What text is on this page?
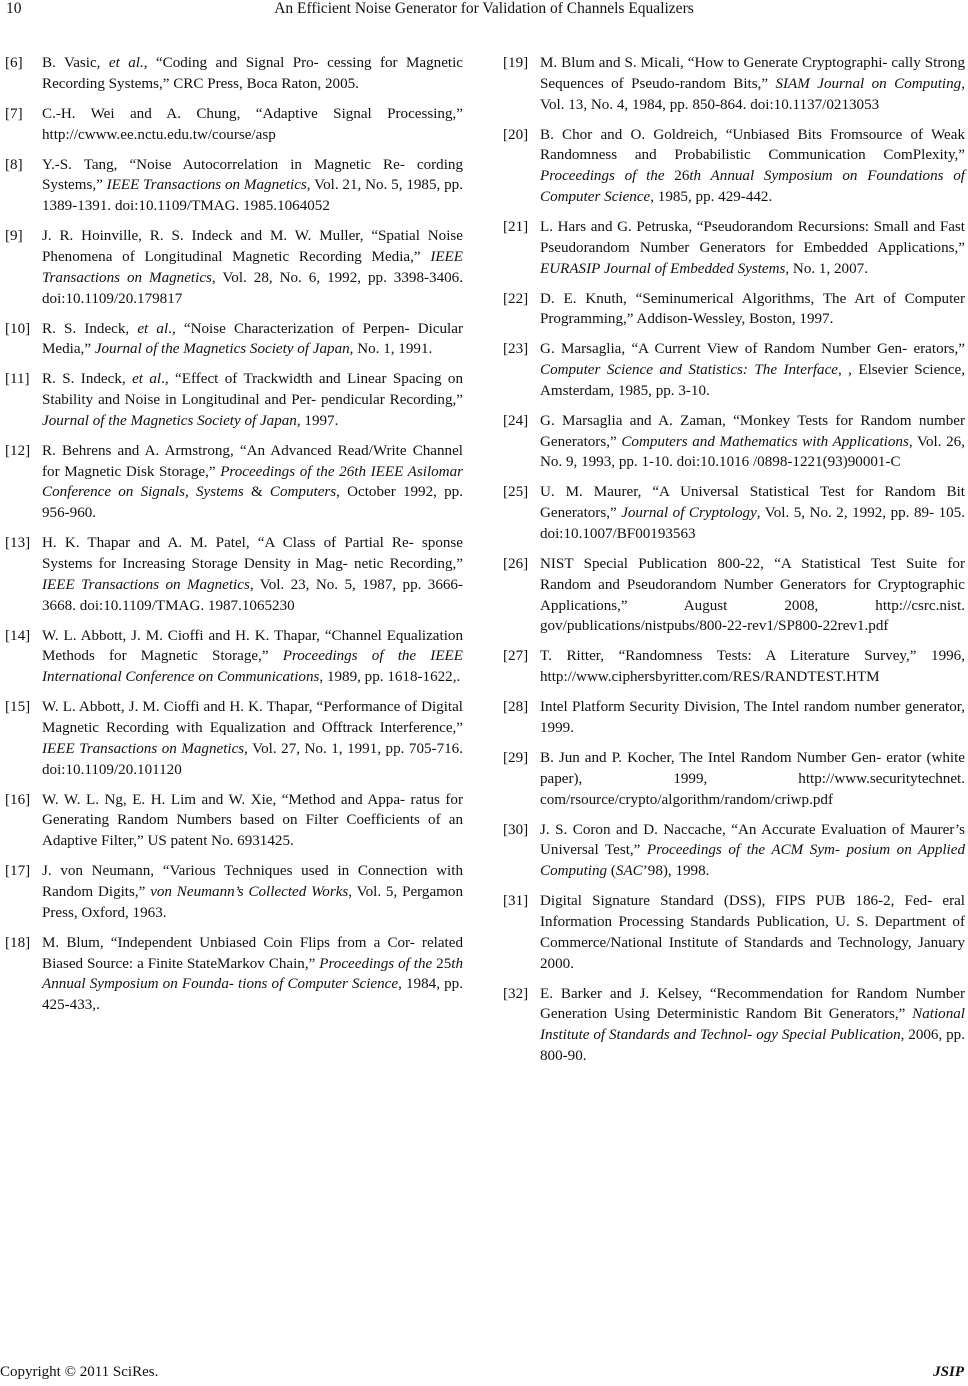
10	An Efficient Noise Generator for Validation of Channels Equalizers
[6]	B. Vasic, et al., “Coding and Signal Pro- cessing for Magnetic Recording Systems,” CRC Press, Boca Raton, 2005.
[7]	C.-H. Wei and A. Chung, “Adaptive Signal Processing,” http://cwww.ee.nctu.edu.tw/course/asp
[8]	Y.-S. Tang, “Noise Autocorrelation in Magnetic Re- cording Systems,” IEEE Transactions on Magnetics, Vol. 21, No. 5, 1985, pp. 1389-1391. doi:10.1109/TMAG. 1985.1064052
[9]	J. R. Hoinville, R. S. Indeck and M. W. Muller, “Spatial Noise Phenomena of Longitudinal Magnetic Recording Media,” IEEE Transactions on Magnetics, Vol. 28, No. 6, 1992, pp. 3398-3406. doi:10.1109/20.179817
[10] R. S. Indeck, et al., “Noise Characterization of Perpen- Dicular Media,” Journal of the Magnetics Society of Japan, No. 1, 1991.
[11] R. S. Indeck, et al., “Effect of Trackwidth and Linear Spacing on Stability and Noise in Longitudinal and Per- pendicular Recording,” Journal of the Magnetics Society of Japan, 1997.
[12] R. Behrens and A. Armstrong, “An Advanced Read/Write Channel for Magnetic Disk Storage,” Proceedings of the 26th IEEE Asilomar Conference on Signals, Systems & Computers, October 1992, pp. 956-960.
[13] H. K. Thapar and A. M. Patel, “A Class of Partial Re- sponse Systems for Increasing Storage Density in Mag- netic Recording,” IEEE Transactions on Magnetics, Vol. 23, No. 5, 1987, pp. 3666-3668. doi:10.1109/TMAG. 1987.1065230
[14] W. L. Abbott, J. M. Cioffi and H. K. Thapar, “Channel Equalization Methods for Magnetic Storage,” Proceedings of the IEEE International Conference on Communications, 1989, pp. 1618-1622,.
[15] W. L. Abbott, J. M. Cioffi and H. K. Thapar, “Performance of Digital Magnetic Recording with Equalization and Offtrack Interference,” IEEE Transactions on Magnetics, Vol. 27, No. 1, 1991, pp. 705-716. doi:10.1109/20.101120
[16] W. W. L. Ng, E. H. Lim and W. Xie, “Method and Appa- ratus for Generating Random Numbers based on Filter Coefficients of an Adaptive Filter,” US patent No. 6931425.
[17] J. von Neumann, “Various Techniques used in Connection with Random Digits,” von Neumann’s Collected Works, Vol. 5, Pergamon Press, Oxford, 1963.
[18] M. Blum, “Independent Unbiased Coin Flips from a Cor- related Biased Source: a Finite StateMarkov Chain,” Proceedings of the 25th Annual Symposium on Founda- tions of Computer Science, 1984, pp. 425-433,.
[19] M. Blum and S. Micali, “How to Generate Cryptographi- cally Strong Sequences of Pseudo-random Bits,” SIAM Journal on Computing, Vol. 13, No. 4, 1984, pp. 850-864. doi:10.1137/0213053
[20] B. Chor and O. Goldreich, “Unbiased Bits Fromsource of Weak Randomness and Probabilistic Communication ComPlexity,” Proceedings of the 26th Annual Symposium on Foundations of Computer Science, 1985, pp. 429-442.
[21] L. Hars and G. Petruska, “Pseudorandom Recursions: Small and Fast Pseudorandom Number Generators for Embedded Applications,” EURASIP Journal of Embedded Systems, No. 1, 2007.
[22] D. E. Knuth, “Seminumerical Algorithms, The Art of Computer Programming,” Addison-Wessley, Boston, 1997.
[23] G. Marsaglia, “A Current View of Random Number Gen- erators,” Computer Science and Statistics: The Interface, , Elsevier Science, Amsterdam, 1985, pp. 3-10.
[24] G. Marsaglia and A. Zaman, “Monkey Tests for Random number Generators,” Computers and Mathematics with Applications, Vol. 26, No. 9, 1993, pp. 1-10. doi:10.1016 /0898-1221(93)90001-C
[25] U. M. Maurer, “A Universal Statistical Test for Random Bit Generators,” Journal of Cryptology, Vol. 5, No. 2, 1992, pp. 89- 105. doi:10.1007/BF00193563
[26] NIST Special Publication 800-22, “A Statistical Test Suite for Random and Pseudorandom Number Generators for Cryptographic Applications,” August 2008, http://csrc.nist. gov/publications/nistpubs/800-22-rev1/SP800-22rev1.pdf
[27] T. Ritter, “Randomness Tests: A Literature Survey,” 1996, http://www.ciphersbyritter.com/RES/RANDTEST.HTM
[28] Intel Platform Security Division, The Intel random number generator, 1999.
[29] B. Jun and P. Kocher, The Intel Random Number Gen- erator (white paper), 1999, http://www.securitytechnet. com/rsource/crypto/algorithm/random/criwp.pdf
[30] J. S. Coron and D. Naccache, “An Accurate Evaluation of Maurer’s Universal Test,” Proceedings of the ACM Sym- posium on Applied Computing (SAC’98), 1998.
[31] Digital Signature Standard (DSS), FIPS PUB 186-2, Fed- eral Information Processing Standards Publication, U. S. Department of Commerce/National Institute of Standards and Technology, January 2000.
[32] E. Barker and J. Kelsey, “Recommendation for Random Number Generation Using Deterministic Random Bit Generators,” National Institute of Standards and Technol- ogy Special Publication, 2006, pp. 800-90.
Copyright © 2011 SciRes.	JSIP
